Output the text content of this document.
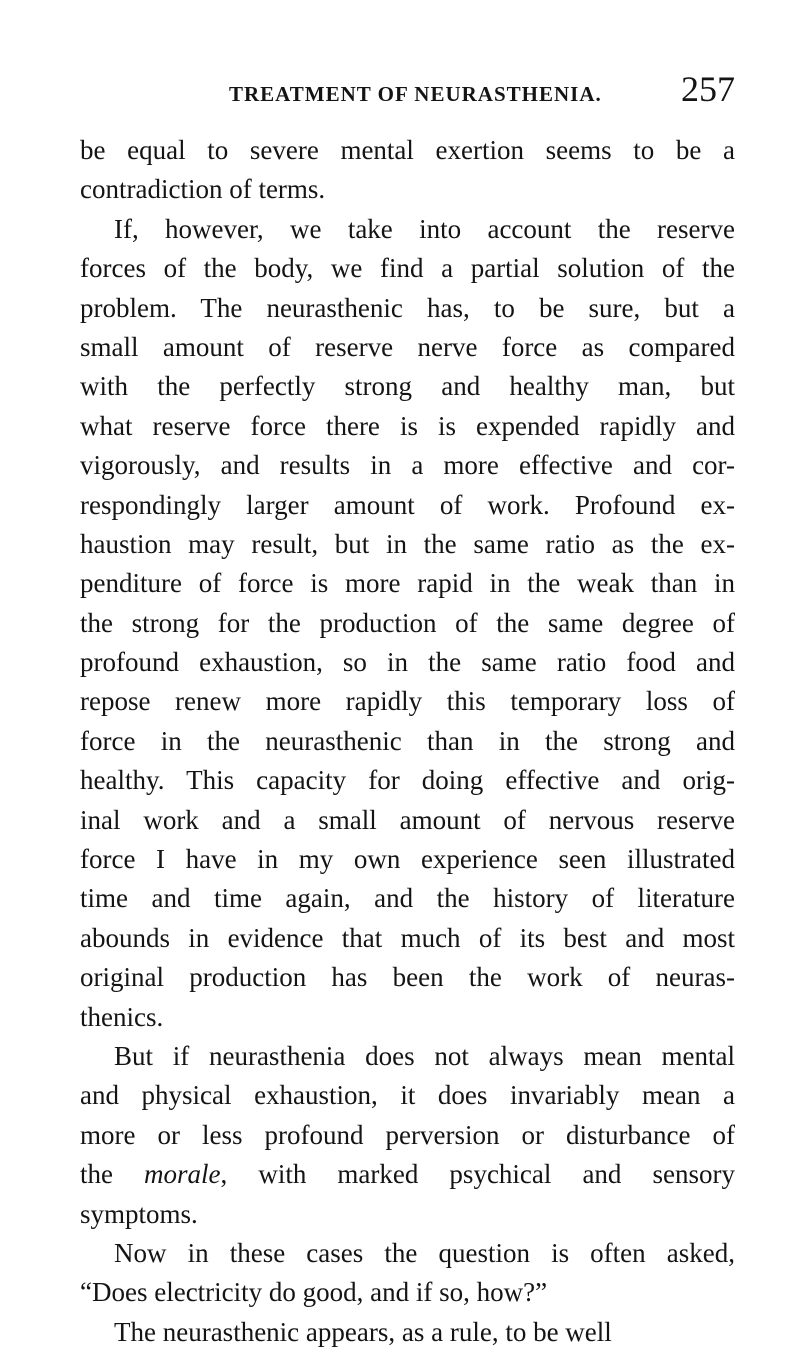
TREATMENT OF NEURASTHENIA. 257
be equal to severe mental exertion seems to be a
contradiction of terms.
If, however, we take into account the reserve
forces of the body, we find a partial solution of the
problem. The neurasthenic has, to be sure, but a
small amount of reserve nerve force as compared
with the perfectly strong and healthy man, but
what reserve force there is is expended rapidly and
vigorously, and results in a more effective and cor-
respondingly larger amount of work. Profound ex-
haustion may result, but in the same ratio as the ex-
penditure of force is more rapid in the weak than in
the strong for the production of the same degree of
profound exhaustion, so in the same ratio food and
repose renew more rapidly this temporary loss of
force in the neurasthenic than in the strong and
healthy. This capacity for doing effective and orig-
inal work and a small amount of nervous reserve
force I have in my own experience seen illustrated
time and time again, and the history of literature
abounds in evidence that much of its best and most
original production has been the work of neuras-
thenics.
But if neurasthenia does not always mean mental
and physical exhaustion, it does invariably mean a
more or less profound perversion or disturbance of
the morale, with marked psychical and sensory
symptoms.
Now in these cases the question is often asked,
“Does electricity do good, and if so, how?”
The neurasthenic appears, as a rule, to be well
